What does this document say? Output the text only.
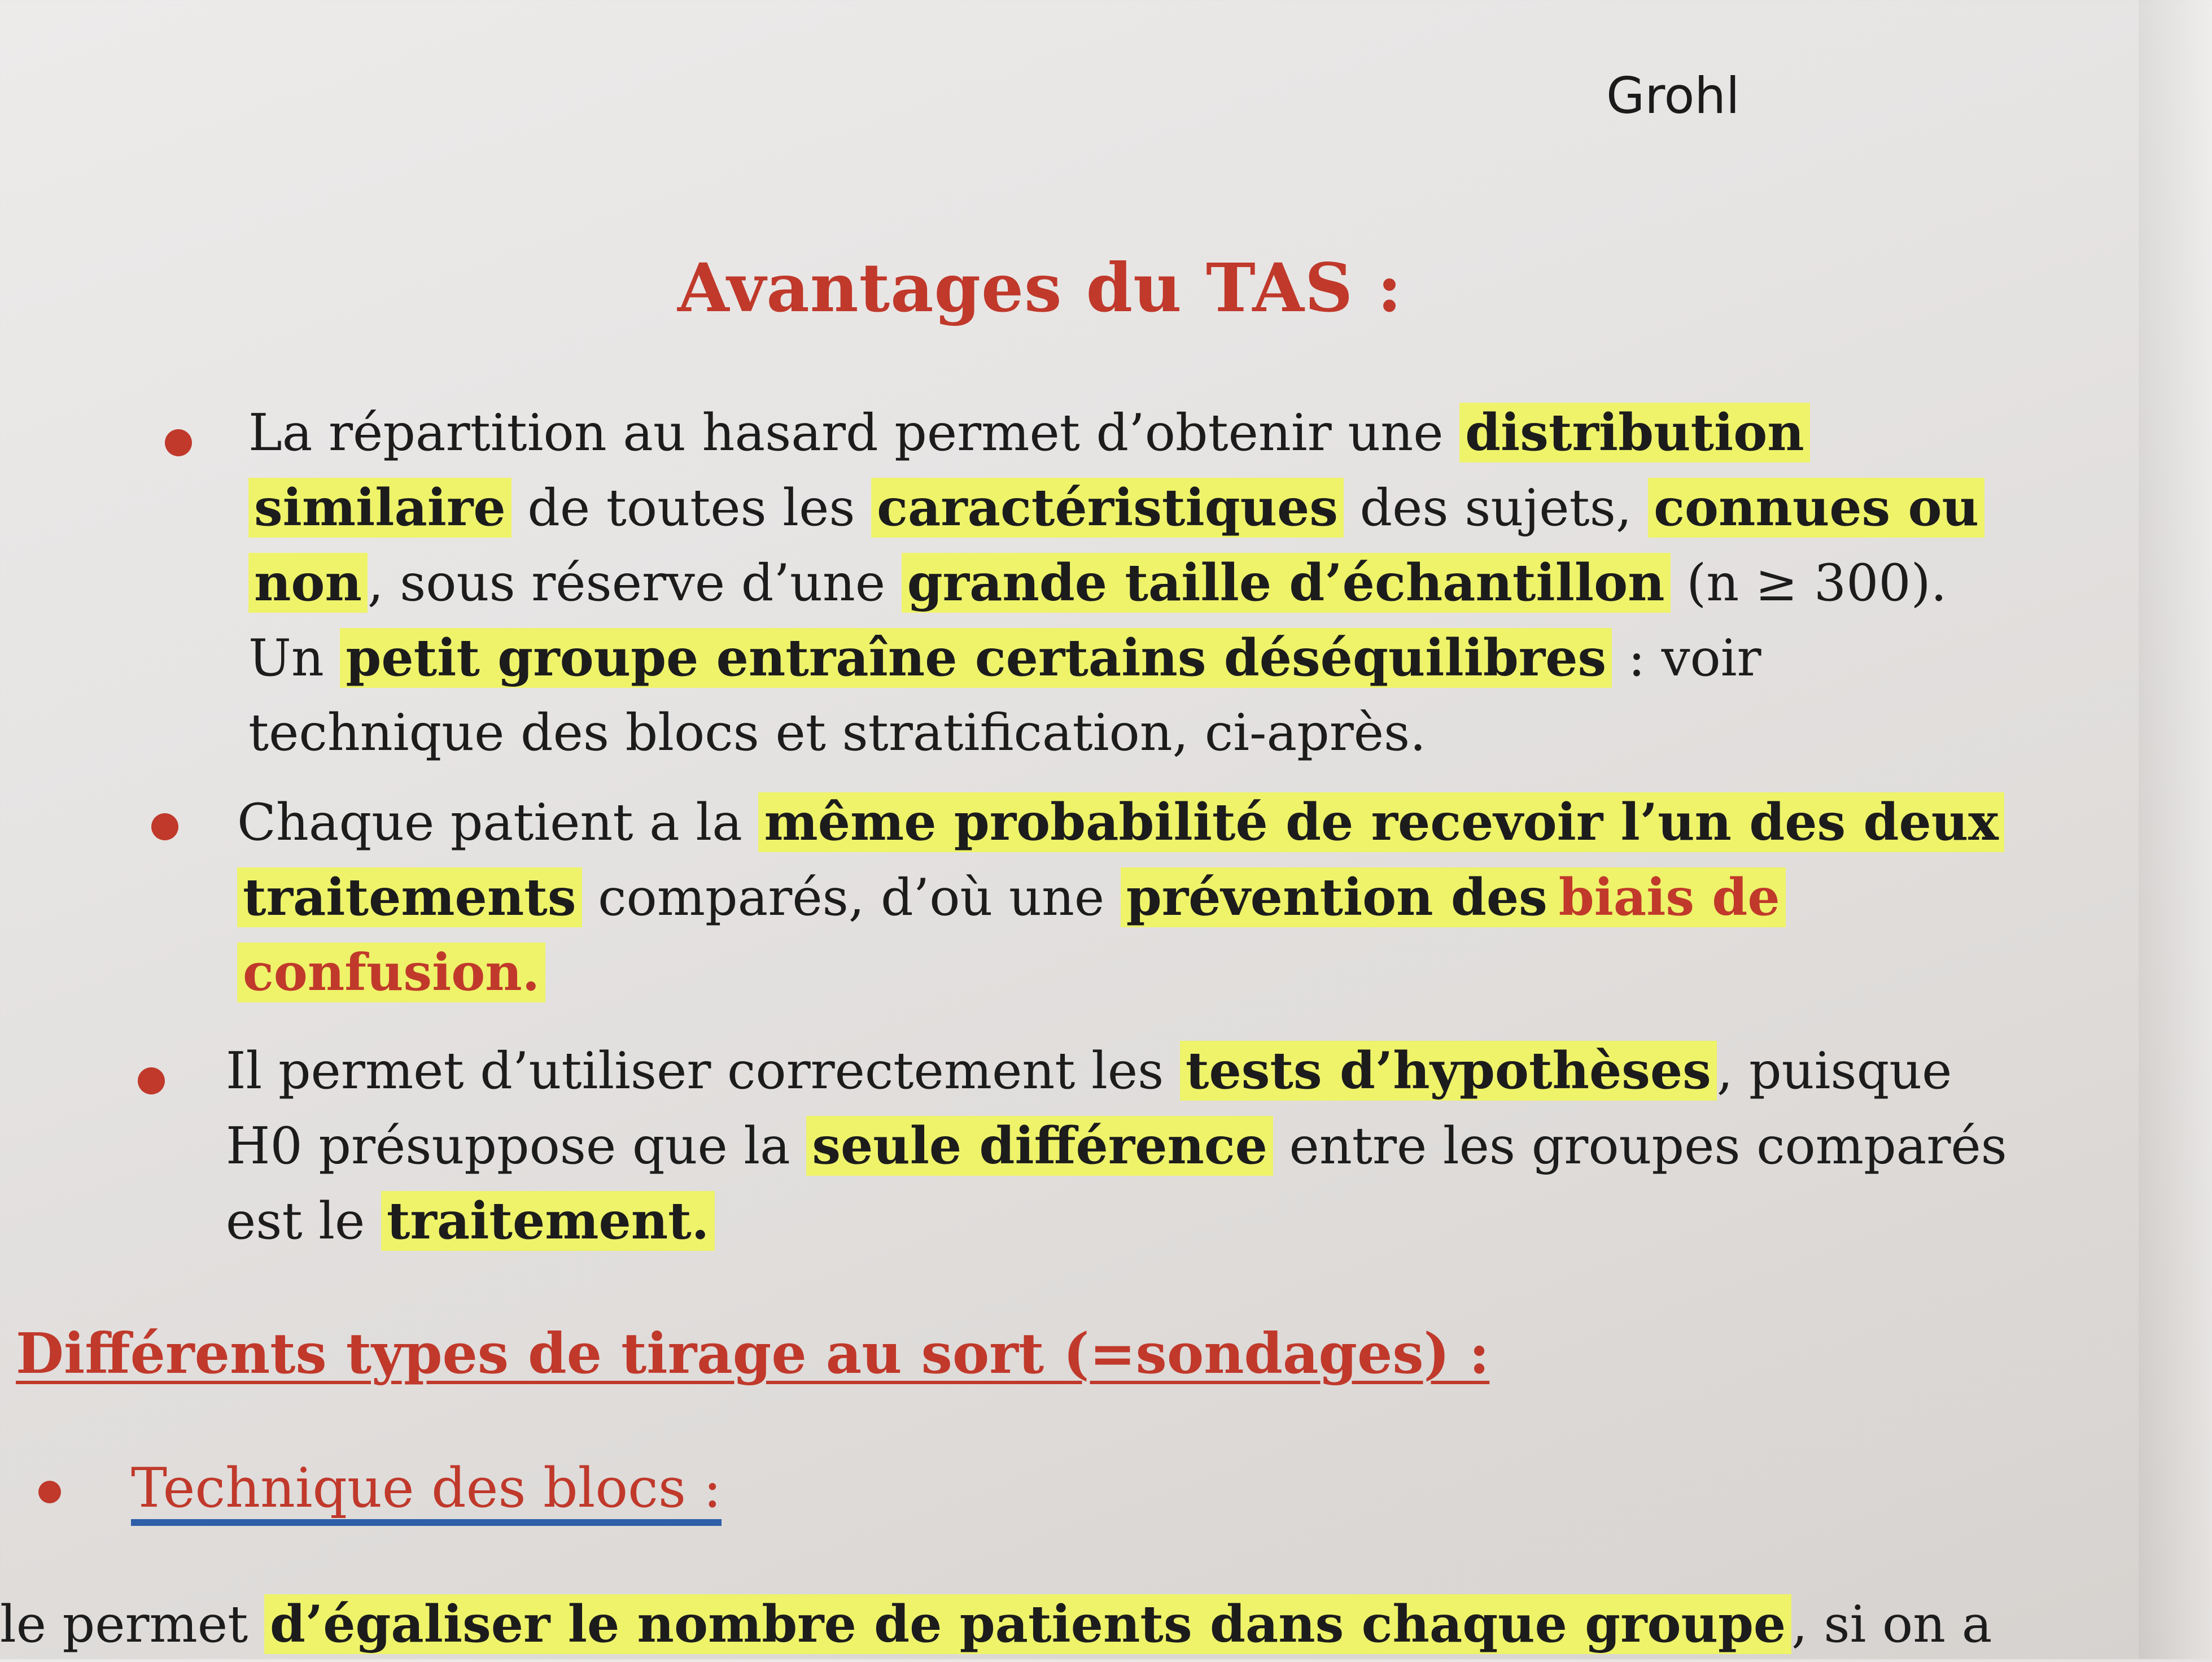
Grohl
Avantages du TAS :
La répartition au hasard permet d’obtenir une distribution similaire de toutes les caractéristiques des sujets, connues ou non , sous réserve d’une grande taille d’échantillon (n ≥ 300). Un petit groupe entraîne certains déséquilibres : voir technique des blocs et stratification, ci-après.
Chaque patient a la même probabilité de recevoir l’un des deux traitements comparés, d’où une prévention des biais de confusion.
Il permet d’utiliser correctement les tests d’hypothèses , puisque H0 présuppose que la seule différence entre les groupes comparés est le traitement.
Différents types de tirage au sort (=sondages) :
Technique des blocs :
le permet d’égaliser le nombre de patients dans chaque groupe , si on a
